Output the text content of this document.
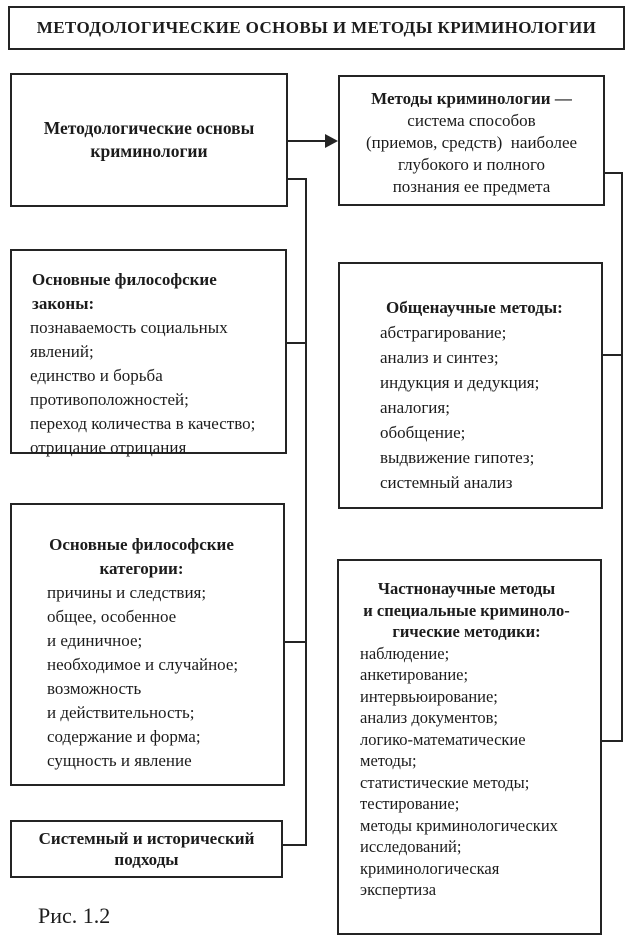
МЕТОДОЛОГИЧЕСКИЕ ОСНОВЫ И МЕТОДЫ КРИМИНОЛОГИИ
Методологические основы
криминологии
Основные философские законы:
познаваемость социальных
явлений;
единство и борьба
противоположностей;
переход количества в качество;
отрицание отрицания
Основные философские
категории:
причины и следствия;
общее, особенное
и единичное;
необходимое и случайное;
возможность
и действительность;
содержание и форма;
сущность и явление
Системный и исторический
подходы
Методы криминологии —
система способов
(приемов, средств)  наиболее
глубокого и полного
познания ее предмета
Общенаучные методы:
абстрагирование;
анализ и синтез;
индукция и дедукция;
аналогия;
обобщение;
выдвижение гипотез;
системный анализ
Частнонаучные методы
и специальные криминоло-
гические методики:
наблюдение;
анкетирование;
интервьюирование;
анализ документов;
логико-математические
методы;
статистические методы;
тестирование;
методы криминологических
исследований;
криминологическая
экспертиза
Рис. 1.2
